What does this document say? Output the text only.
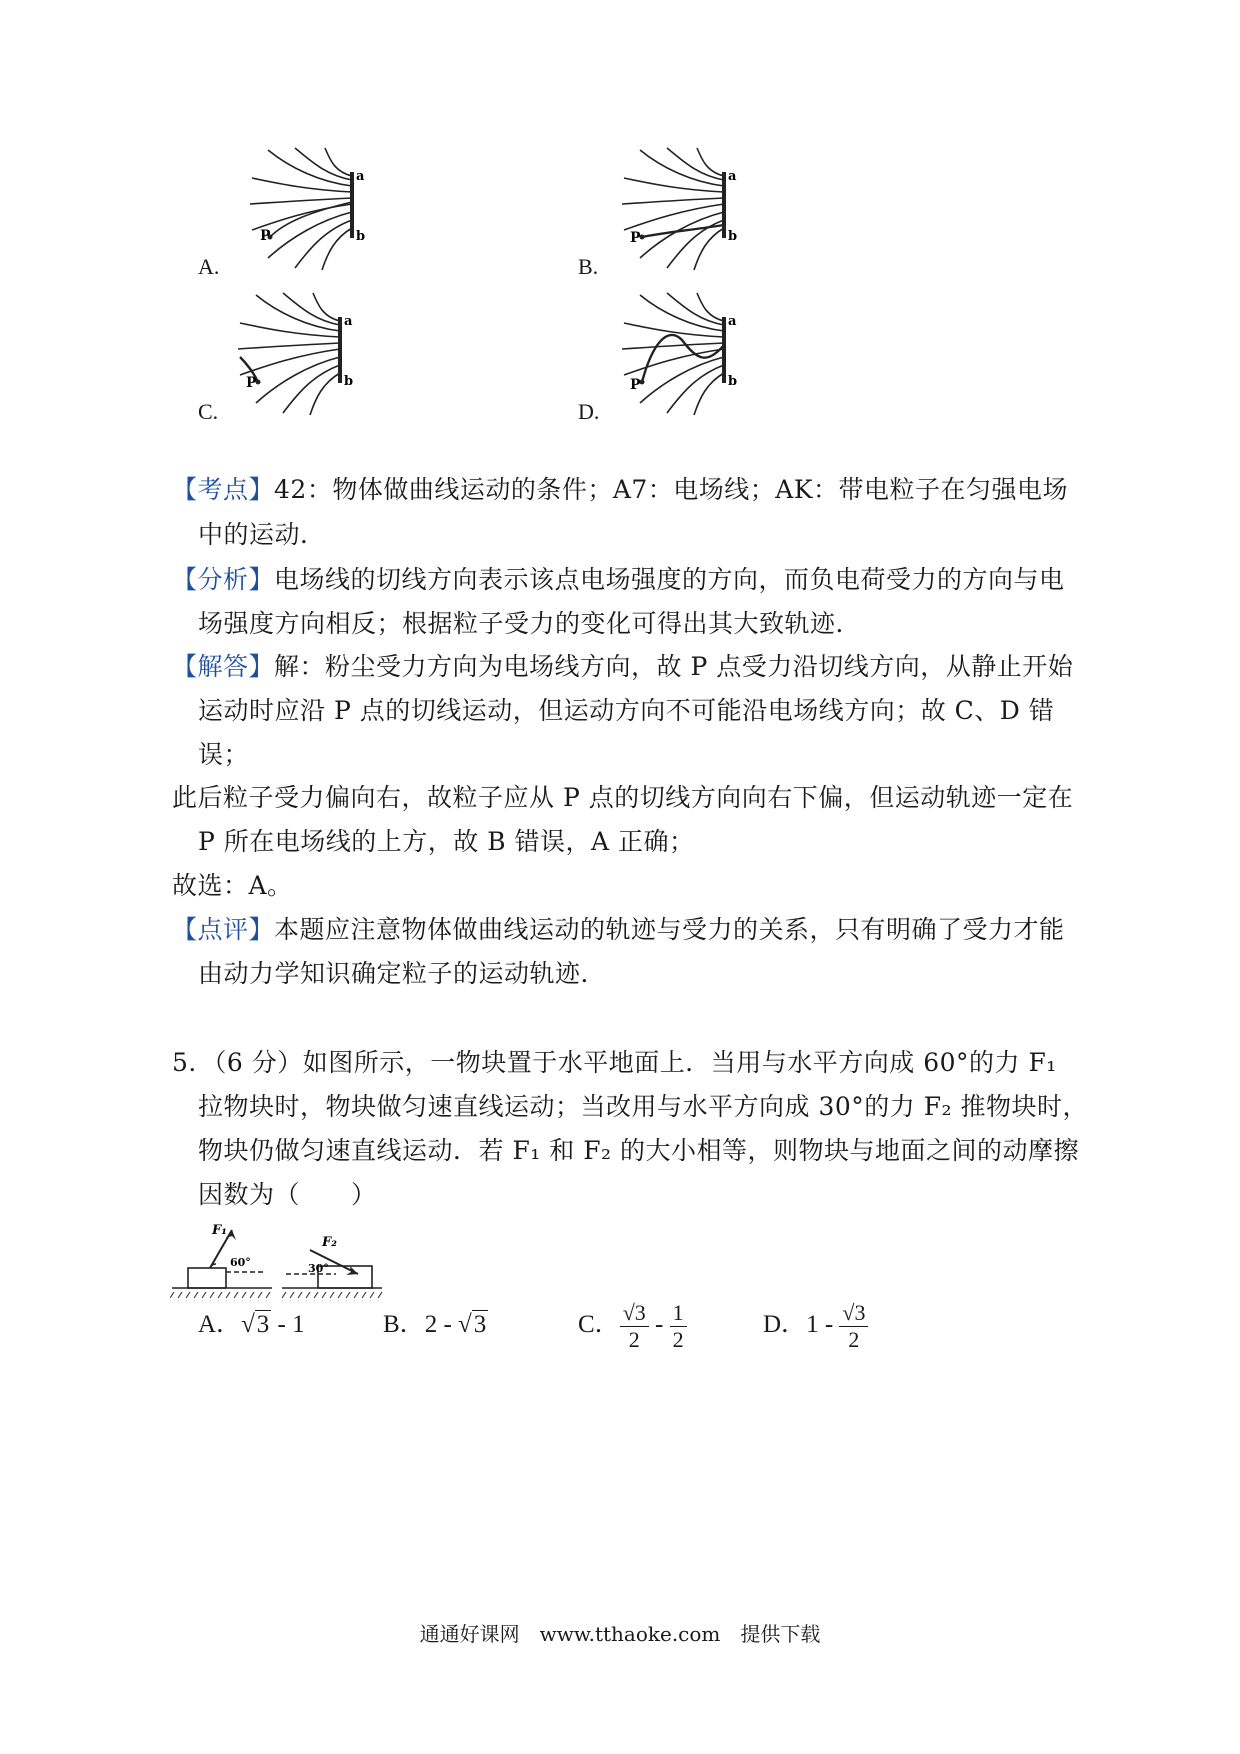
P
a
b
A.
P
a
b
B.
P
a
b
C.
P
a
b
D.
【考点】42：物体做曲线运动的条件；A7：电场线；AK：带电粒子在匀强电场
中的运动．
【分析】电场线的切线方向表示该点电场强度的方向，而负电荷受力的方向与电
场强度方向相反；根据粒子受力的变化可得出其大致轨迹．
【解答】解：粉尘受力方向为电场线方向，故 P 点受力沿切线方向，从静止开始
运动时应沿 P 点的切线运动，但运动方向不可能沿电场线方向；故 C、D 错
误；
此后粒子受力偏向右，故粒子应从 P 点的切线方向向右下偏，但运动轨迹一定在
P 所在电场线的上方，故 B 错误，A 正确；
故选：A。
【点评】本题应注意物体做曲线运动的轨迹与受力的关系，只有明确了受力才能
由动力学知识确定粒子的运动轨迹．
5．（6 分）如图所示，一物块置于水平地面上．当用与水平方向成 60°的力 F₁
拉物块时，物块做匀速直线运动；当改用与水平方向成 30°的力 F₂ 推物块时，
物块仍做匀速直线运动．若 F₁ 和 F₂ 的大小相等，则物块与地面之间的动摩擦
因数为（　　）
F₁
60°
F₂
30°
A．√3 - 1	B．2 - √3	C． $\frac{√3}{2} - \frac{1}{2}$	D．$1 - \frac{√3}{2}$
通通好课网　www.tthaoke.com　提供下载
